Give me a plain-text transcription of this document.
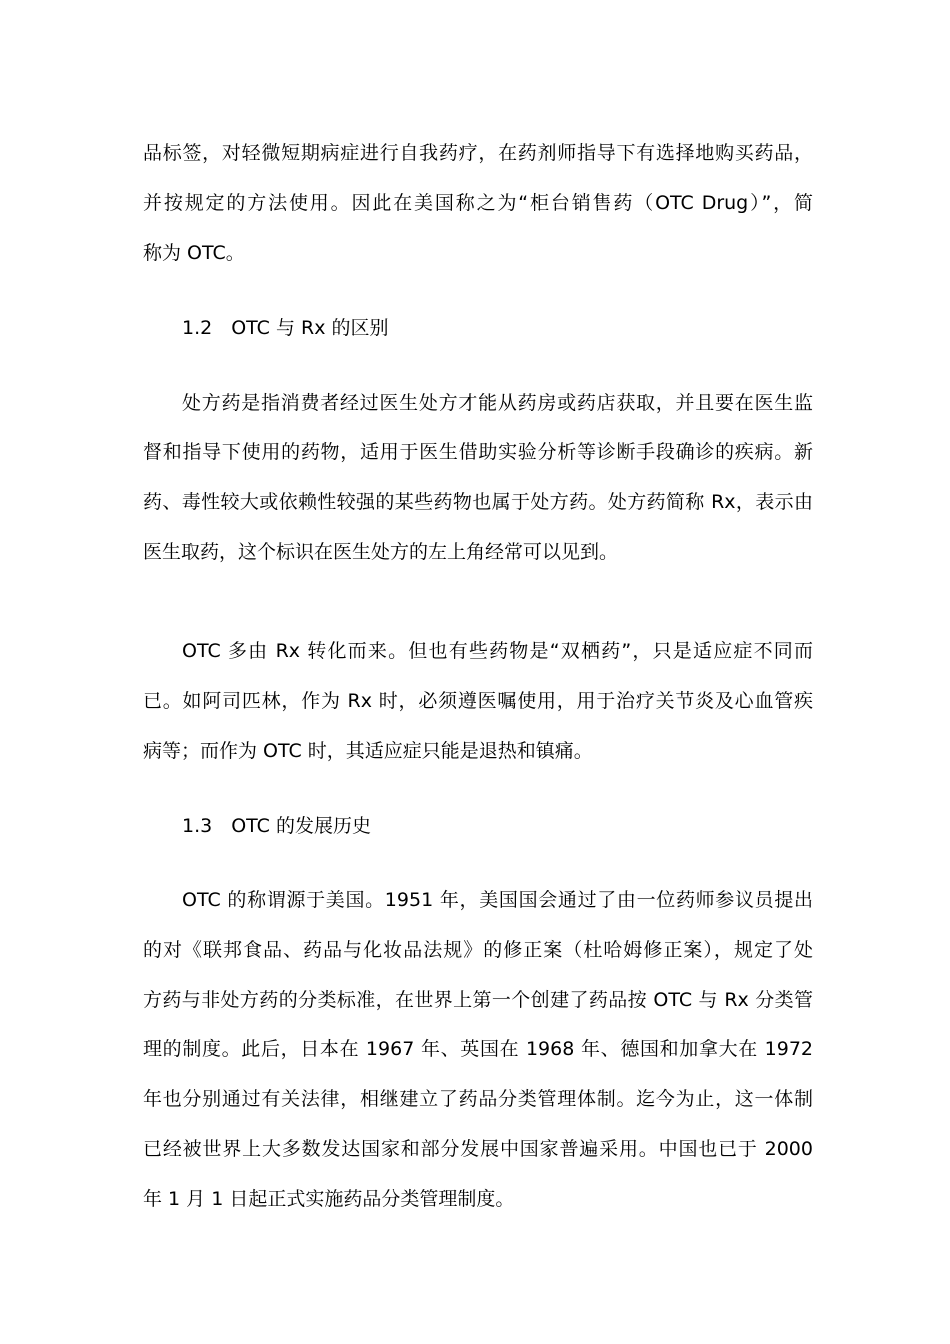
品标签，对轻微短期病症进行自我药疗，在药剂师指导下有选择地购买药品，
并按规定的方法使用。因此在美国称之为“柜台销售药（OTC Drug）”，简
称为 OTC。
1.2　OTC 与 Rx 的区别
处方药是指消费者经过医生处方才能从药房或药店获取，并且要在医生监
督和指导下使用的药物，适用于医生借助实验分析等诊断手段确诊的疾病。新
药、毒性较大或依赖性较强的某些药物也属于处方药。处方药简称 Rx，表示由
医生取药，这个标识在医生处方的左上角经常可以见到。
OTC 多由 Rx 转化而来。但也有些药物是“双栖药”，只是适应症不同而
已。如阿司匹林，作为 Rx 时，必须遵医嘱使用，用于治疗关节炎及心血管疾
病等；而作为 OTC 时，其适应症只能是退热和镇痛。
1.3　OTC 的发展历史
OTC 的称谓源于美国。1951 年，美国国会通过了由一位药师参议员提出
的对《联邦食品、药品与化妆品法规》的修正案（杜哈姆修正案），规定了处
方药与非处方药的分类标准，在世界上第一个创建了药品按 OTC 与 Rx 分类管
理的制度。此后，日本在 1967 年、英国在 1968 年、德国和加拿大在 1972
年也分别通过有关法律，相继建立了药品分类管理体制。迄今为止，这一体制
已经被世界上大多数发达国家和部分发展中国家普遍采用。中国也已于 2000
年 1 月 1 日起正式实施药品分类管理制度。
